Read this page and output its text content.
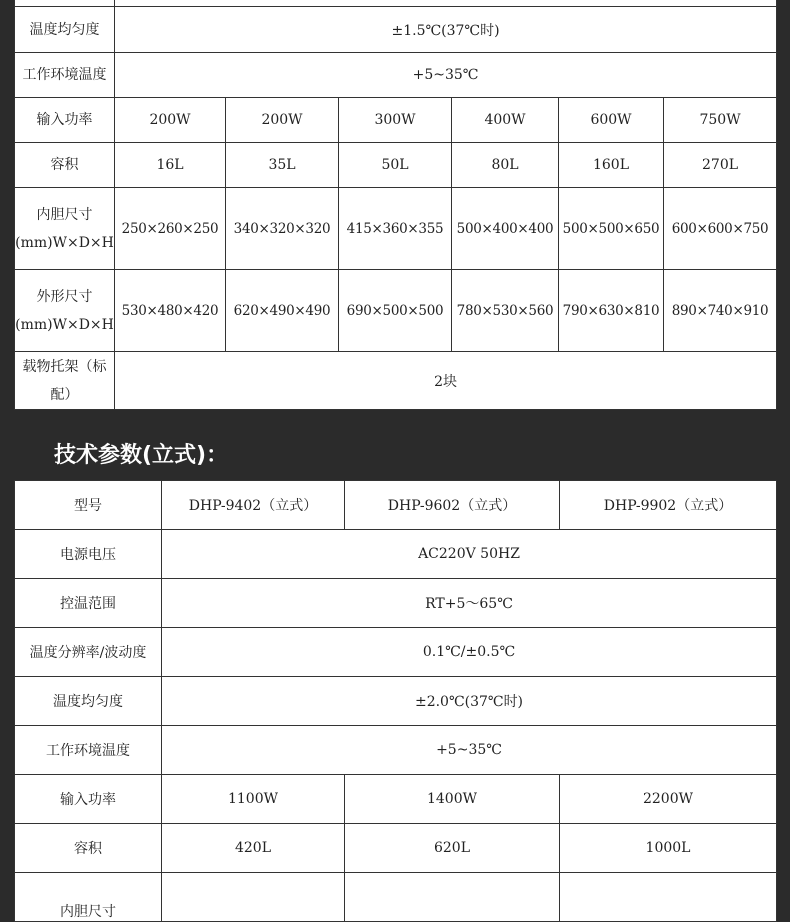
温度均匀度	±1.5℃(37℃时)					
工作环境温度	+5~35℃					
输入功率	200W	200W	300W	400W	600W	750W
容积	16L	35L	50L	80L	160L	270L
内胆尺寸(mm)W×D×H	250×260×250	340×320×320	415×360×355	500×400×400	500×500×650	600×600×750
外形尺寸(mm)W×D×H	530×480×420	620×490×490	690×500×500	780×530×560	790×630×810	890×740×910
载物托架（标配）	2块					
技术参数(立式)：
型号	DHP-9402（立式）	DHP-9602（立式）	DHP-9902（立式）
电源电压	AC220V 50HZ		
控温范围	RT+5～65℃		
温度分辨率/波动度	0.1℃/±0.5℃		
温度均匀度	±2.0℃(37℃时)		
工作环境温度	+5~35℃		
输入功率	1100W	1400W	2200W
容积	420L	620L	1000L
内胆尺寸			
